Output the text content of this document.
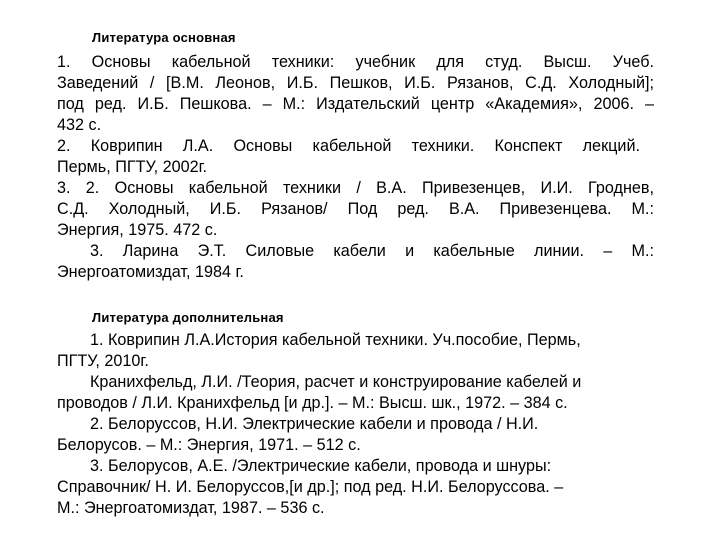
Литература основная
1. Основы кабельной техники: учебник для студ. Высш. Учеб.
Заведений / [В.М. Леонов, И.Б. Пешков, И.Б. Рязанов, С.Д. Холодный];
под ред. И.Б. Пешкова. – М.: Издательский центр «Академия», 2006. –
432 с.
2. Коврипин Л.А. Основы кабельной техники. Конспект лекций.
Пермь, ПГТУ, 2002г.
3. 2. Основы кабельной техники / В.А. Привезенцев, И.И. Гроднев,
С.Д. Холодный, И.Б. Рязанов/ Под ред. В.А. Привезенцева. М.:
Энергия, 1975. 472 с.
3. Ларина Э.Т. Силовые кабели и кабельные линии. – М.:
Энергоатомиздат, 1984 г.
Литература дополнительная
1. Коврипин Л.А.История кабельной техники. Уч.пособие, Пермь,
ПГТУ, 2010г.
Кранихфельд, Л.И. /Теория, расчет и конструирование кабелей и
проводов / Л.И. Кранихфельд [и др.]. – М.: Высш. шк., 1972. – 384 с.
2. Белоруссов, Н.И. Электрические кабели и провода / Н.И.
Белорусов. – М.: Энергия, 1971. – 512 с.
3. Белорусов, А.Е. /Электрические кабели, провода и шнуры:
Справочник/ Н. И. Белоруссов,[и др.]; под ред. Н.И. Белоруссова. –
М.: Энергоатомиздат, 1987. – 536 с.
